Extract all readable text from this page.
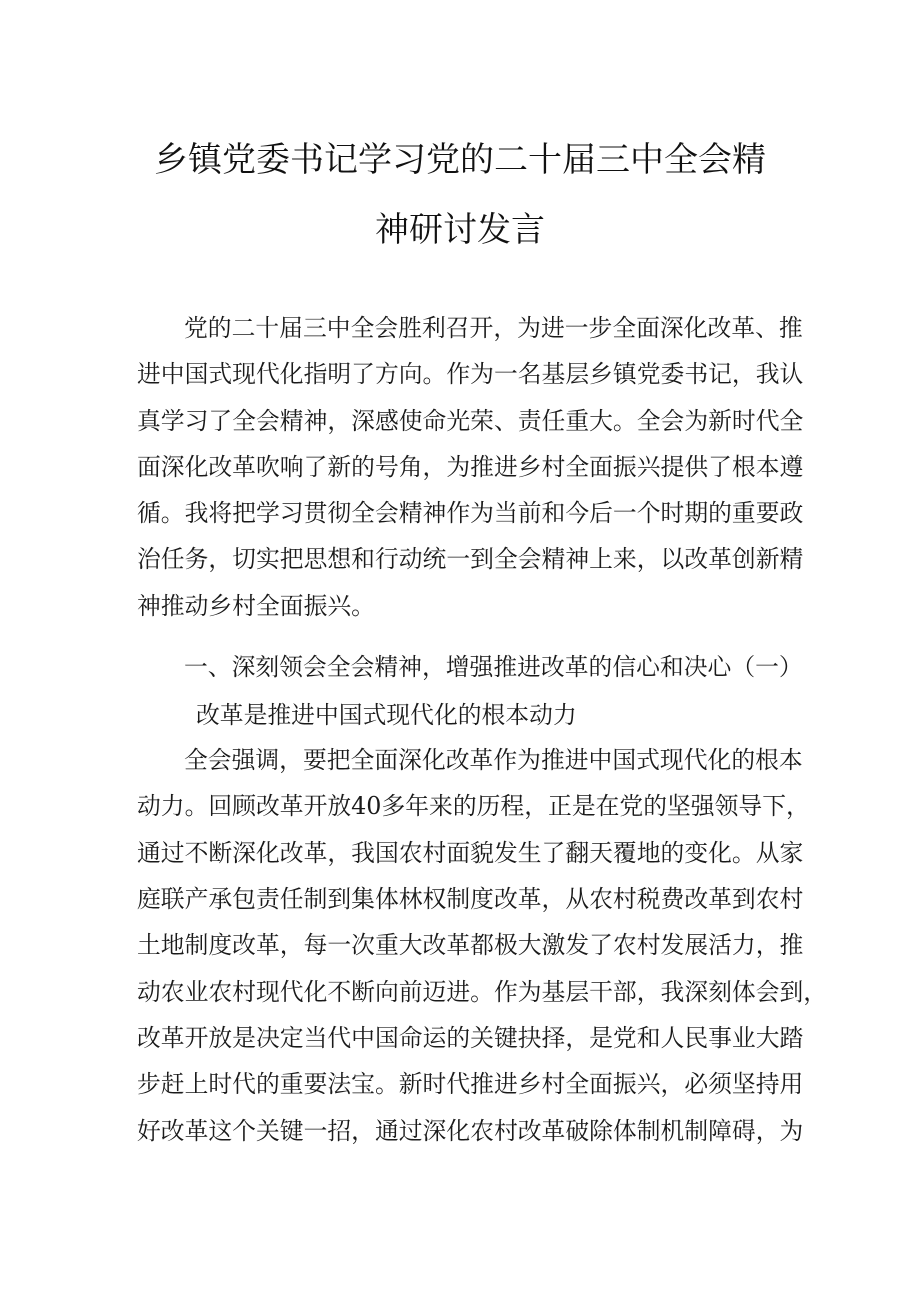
乡镇党委书记学习党的二十届三中全会精
神研讨发言
党的二十届三中全会胜利召开，为进一步全面深化改革、推
进中国式现代化指明了方向。作为一名基层乡镇党委书记，我认
真学习了全会精神，深感使命光荣、责任重大。全会为新时代全
面深化改革吹响了新的号角，为推进乡村全面振兴提供了根本遵
循。我将把学习贯彻全会精神作为当前和今后一个时期的重要政
治任务，切实把思想和行动统一到全会精神上来，以改革创新精
神推动乡村全面振兴。
一、深刻领会全会精神，增强推进改革的信心和决心（一）
改革是推进中国式现代化的根本动力
全会强调，要把全面深化改革作为推进中国式现代化的根本
动力。回顾改革开放40多年来的历程，正是在党的坚强领导下，
通过不断深化改革，我国农村面貌发生了翻天覆地的变化。从家
庭联产承包责任制到集体林权制度改革，从农村税费改革到农村
土地制度改革，每一次重大改革都极大激发了农村发展活力，推
动农业农村现代化不断向前迈进。作为基层干部，我深刻体会到，
改革开放是决定当代中国命运的关键抉择，是党和人民事业大踏
步赶上时代的重要法宝。新时代推进乡村全面振兴，必须坚持用
好改革这个关键一招，通过深化农村改革破除体制机制障碍，为
